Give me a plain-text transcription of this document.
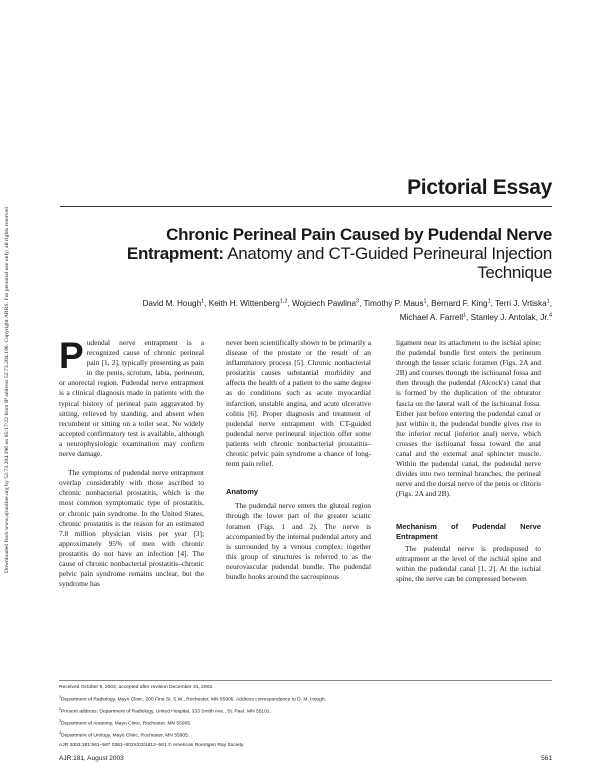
Downloaded from www.ajronline.org by 52.73.204.196 on 05/17/22 from IP address 52.73.204.196. Copyright ARRS. For personal use only; all rights reserved
Pictorial Essay
Chronic Perineal Pain Caused by Pudendal Nerve Entrapment: Anatomy and CT-Guided Perineural Injection Technique
David M. Hough$^1$, Keith H. Wittenberg$^{1,2}$, Wojciech Pawlina$^3$, Timothy P. Maus$^1$, Bernard F. King$^1$, Terri J. Vrtiska$^1$,
Michael A. Farrell$^1$, Stanley J. Antolak, Jr.$^4$

Pudendal nerve entrapment is a recognized cause of chronic perineal pain [1, 2], typically presenting as pain in the penis, scrotum, labia, perineum, or anorectal region. Pudendal nerve entrapment is a clinical diagnosis made in patients with the typical history of perineal pain aggravated by sitting, relieved by standing, and absent when recumbent or sitting on a toilet seat. No widely accepted confirmatory test is available, although a neurophysiologic examination may confirm nerve damage.

The symptoms of pudendal nerve entrapment overlap considerably with those ascribed to chronic nonbacterial prostatitis, which is the most common symptomatic type of prostatitis, or chronic pain syndrome. In the United States, chronic prostatitis is the reason for an estimated 7.8 million physician visits per year [3]; approximately 95% of men with chronic prostatitis do not have an infection [4]. The cause of chronic nonbacterial prostatitis–chronic pelvic pain syndrome remains unclear, but the syndrome has

never been scientifically shown to be primarily a disease of the prostate or the result of an inflammatory process [5]. Chronic nonbacterial prostatitis causes substantial morbidity and affects the health of a patient to the same degree as do conditions such as acute myocardial infarction, unstable angina, and acute ulcerative colitis [6]. Proper diagnosis and treatment of pudendal nerve entrapment with CT-guided pudendal nerve perineural injection offer some patients with chronic nonbacterial prostatitis–chronic pelvic pain syndrome a chance of long-term pain relief.

Anatomy

The pudendal nerve enters the gluteal region through the lower part of the greater sciatic foramen (Figs. 1 and 2). The nerve is accompanied by the internal pudendal artery and is surrounded by a venous complex; together this group of structures is referred to as the neurovascular pudendal bundle. The pudendal bundle hooks around the sacrospinous

ligament near its attachment to the ischial spine; the pudendal bundle first enters the perineum through the lesser sciatic foramen (Figs. 2A and 2B) and courses through the ischioanal fossa and then through the pudendal (Alcock's) canal that is formed by the duplication of the obturator fascia on the lateral wall of the ischioanal fossa. Either just before entering the pudendal canal or just within it, the pudendal bundle gives rise to the inferior rectal (inferior anal) nerve, which crosses the ischioanal fossa toward the anal canal and the external anal sphincter muscle. Within the pudendal canal, the pudendal nerve divides into two terminal branches, the perineal nerve and the dorsal nerve of the penis or clitoris (Figs. 2A and 2B).

Mechanism of Pudendal Nerve Entrapment

The pudendal nerve is predisposed to entrapment at the level of the ischial spine and within the pudendal canal [1, 2]. At the ischial spine, the nerve can be compressed between

Received October 9, 2002; accepted after revision December 31, 2002.
$^1$Department of Radiology, Mayo Clinic, 200 First St. S.W., Rochester, MN 55905. Address correspondence to D. M. Hough.
$^2$Present address: Department of Radiology, United Hospital, 333 Smith Ave., St. Paul, MN 55102.
$^3$Department of Anatomy, Mayo Clinic, Rochester, MN 55905.
$^4$Department of Urology, Mayo Clinic, Rochester, MN 55905.
AJR 2003;181:561–567 0361–803X/03/1812–561 © American Roentgen Ray Society
AJR:181, August 2003	561
